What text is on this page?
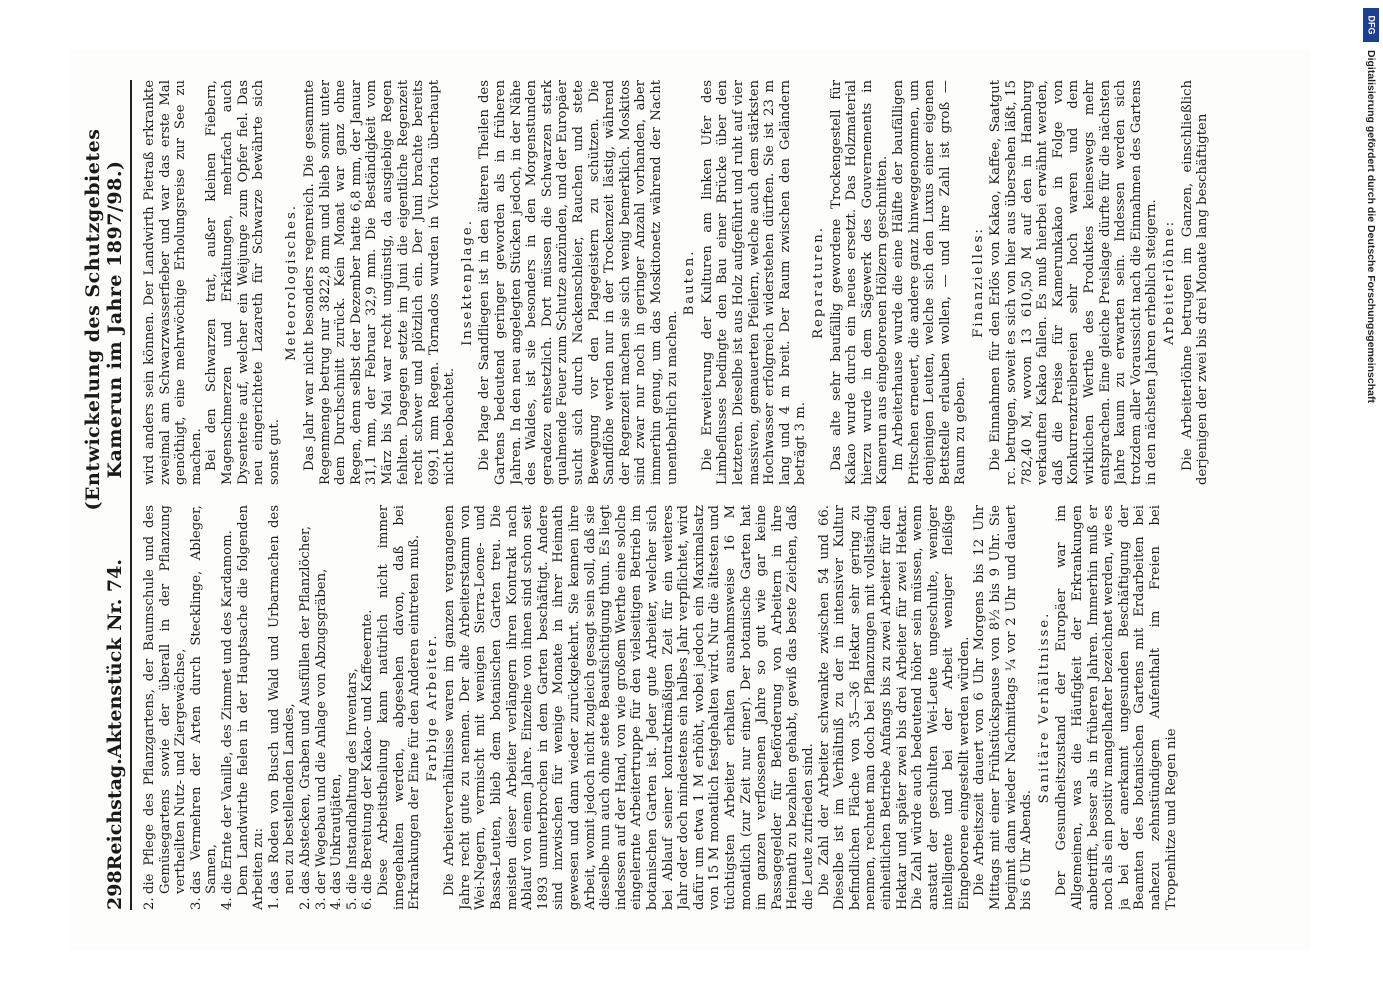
298
Reichstag.
Aktenstück Nr. 74.
(Entwickelung des Schutzgebietes Kamerun im Jahre 1897/98.)

2.
die Pflege des Pflanzgartens, der Baumschule und des Gemüsegartens sowie der überall in der Pflanzung vertheilten Nutz- und Ziergewächse,

3.
das Vermehren der Arten durch Stecklinge, Ableger, Samen,

4.
die Ernte der Vanille, des Zimmet und des Kardamom. Dem Landwirthe fielen in der Hauptsache die folgenden Arbeiten zu: 1.
das Roden von Busch und Wald und Urbarmachen des neu zu bestellenden Landes,

2.
das Abstecken, Graben und Ausfüllen der Pflanzlöcher,

3.
der Wegebau und die Anlage von Abzugsgräben,

4.
das Unkrautjäten,

5.
die Instandhaltung des Inventars,

6.
die Bereitung der Kakao- und Kaffeeernte. Diese Arbeitstheilung kann natürlich nicht immer innegehalten werden, abgesehen davon, daß bei Erkrankungen der Eine für den Anderen eintreten muß. Farbige Arbeiter. Die Arbeiterverhältnisse waren im ganzen vergangenen Jahre recht gute zu nennen. Der alte Arbeiterstamm von Wei-Negern, vermischt mit wenigen Sierra-Leone- und Bassa-Leuten, blieb dem botanischen Garten treu. Die meisten dieser Arbeiter verlängern ihren Kontrakt nach Ablauf von einem Jahre. Einzelne von ihnen sind schon seit 1893 ununterbrochen in dem Garten beschäftigt. Andere sind inzwischen für wenige Monate in ihrer Heimath gewesen und dann wieder zurückgekehrt. Sie kennen ihre Arbeit, womit jedoch nicht zugleich gesagt sein soll, daß sie dieselbe nun auch ohne stete Beaufsichtigung thun. Es liegt indessen auf der Hand, von wie großem Werthe eine solche eingelernte Arbeitertruppe für den vielseitigen Betrieb im botanischen Garten ist. Jeder gute Arbeiter, welcher sich bei Ablauf seiner kontraktmäßigen Zeit für ein weiteres Jahr oder doch mindestens ein halbes Jahr verpflichtet, wird dafür um etwa 1 M erhöht, wobei jedoch ein Maximalsatz von 15 M monatlich festgehalten wird. Nur die ältesten und tüchtigsten Arbeiter erhalten ausnahmsweise 16 M monatlich (zur Zeit nur einer). Der botanische Garten hat im ganzen verflossenen Jahre so gut wie gar keine Passagegelder für Beförderung von Arbeitern in ihre Heimath zu bezahlen gehabt, gewiß das beste Zeichen, daß die Leute zufrieden sind. Die Zahl der Arbeiter schwankte zwischen 54 und 66. Dieselbe ist im Verhältniß zu der in intensiver Kultur befindlichen Fläche von 35—36 Hektar sehr gering zu nennen, rechnet man doch bei Pflanzungen mit vollständig einheitlichen Betriebe Anfangs bis zu zwei Arbeiter für den Hektar und später zwei bis drei Arbeiter für zwei Hektar. Die Zahl würde auch bedeutend höher sein müssen, wenn anstatt der geschulten Wei-Leute ungeschulte, weniger intelligente und bei der Arbeit weniger fleißige Eingeborene eingestellt werden würden. Die Arbeitszeit dauert von 6 Uhr Morgens bis 12 Uhr Mittags mit einer Frühstückspause von 8½ bis 9 Uhr. Sie beginnt dann wieder Nachmittags ¼ vor 2 Uhr und dauert bis 6 Uhr Abends.

Sanitäre Verhältnisse. Der Gesundheitszustand der Europäer war im Allgemeinen, was die Häufigkeit der Erkrankungen anbetrifft, besser als in früheren Jahren. Immerhin muß er noch als ein positiv mangelhafter bezeichnet werden, wie es ja bei der anerkannt ungesunden Beschäftigung der Beamten des botanischen Gartens mit Erdarbeiten bei nahezu zehnstündigem Aufenthalt im Freien bei Tropenhitze und Regen nie

wird anders sein können. Der Landwirth Pietraß erkrankte zweimal am Schwarzwasserfieber und war das erste Mal genöthigt, eine mehrwöchige Erholungsreise zur See zu machen. Bei den Schwarzen trat, außer kleinen Fiebern, Magenschmerzen und Erkältungen, mehrfach auch Dysenterie auf, welcher ein Weijunge zum Opfer fiel. Das neu eingerichtete Lazareth für Schwarze bewährte sich sonst gut.

Meteorologisches. Das Jahr war nicht besonders regenreich. Die gesammte Regenmenge betrug nur 3822,8 mm und blieb somit unter dem Durchschnitt zurück. Kein Monat war ganz ohne Regen, denn selbst der Dezember hatte 6,8 mm, der Januar 31,1 mm, der Februar 32,9 mm. Die Beständigkeit vom März bis Mai war recht ungünstig, da ausgiebige Regen fehlten. Dagegen setzte im Juni die eigentliche Regenzeit recht schwer und plötzlich ein. Der Juni brachte bereits 699,1 mm Regen. Tornados wurden in Victoria überhaupt nicht beobachtet.

Insektenplage. Die Plage der Sandfliegen ist in den älteren Theilen des Gartens bedeutend geringer geworden als in früheren Jahren. In den neu angelegten Stücken jedoch, in der Nähe des Waldes, ist sie besonders in den Morgenstunden geradezu entsetzlich. Dort müssen die Schwarzen stark qualmende Feuer zum Schutze anzünden, und der Europäer sucht sich durch Nackenschleier, Rauchen und stete Bewegung vor den Plagegeistern zu schützen. Die Sandflöhe werden nur in der Trockenzeit lästig, während der Regenzeit machen sie sich wenig bemerklich. Moskitos sind zwar nur noch in geringer Anzahl vorhanden, aber immerhin genug, um das Moskitonetz während der Nacht unentbehrlich zu machen.

Bauten. Die Erweiterung der Kulturen am linken Ufer des Limbeflusses bedingte den Bau einer Brücke über den letzteren. Dieselbe ist aus Holz aufgeführt und ruht auf vier massiven, gemauerten Pfeilern, welche auch dem stärksten Hochwasser erfolgreich widerstehen dürften. Sie ist 23 m lang und 4 m breit. Der Raum zwischen den Geländern beträgt 3 m.

Reparaturen. Das alte sehr baufällig gewordene Trockengestell für Kakao wurde durch ein neues ersetzt. Das Holzmaterial hierzu wurde in dem Sägewerk des Gouvernements in Kamerun aus eingeborenen Hölzern geschnitten. Im Arbeiterhause wurde die eine Hälfte der baufälligen Pritschen erneuert, die andere ganz hinweggenommen, um denjenigen Leuten, welche sich den Luxus einer eigenen Bettstelle erlauben wollen, — und ihre Zahl ist groß — Raum zu geben.

Finanzielles: Die Einnahmen für den Erlös von Kakao, Kaffee, Saatgut rc. betrugen, soweit es sich von hier aus übersehen läßt, 15 782,40 M, wovon 13 610,50 M auf den in Hamburg verkauften Kakao fallen. Es muß hierbei erwähnt werden, daß die Preise für Kamerunkakao in Folge von Konkurrenztreibereien sehr hoch waren und dem wirklichen Werthe des Produktes keineswegs mehr entsprachen. Eine gleiche Preislage dürfte für die nächsten Jahre kaum zu erwarten sein. Indessen werden sich trotzdem aller Voraussicht nach die Einnahmen des Gartens in den nächsten Jahren erheblich steigern. Arbeiterlöhne: Die Arbeiterlöhne betrugen im Ganzen, einschließlich derjenigen der zwei bis drei Monate lang beschäftigten	Digitalisierung gefördert durch die Deutsche Forschungsgemeinschaft
DFG
